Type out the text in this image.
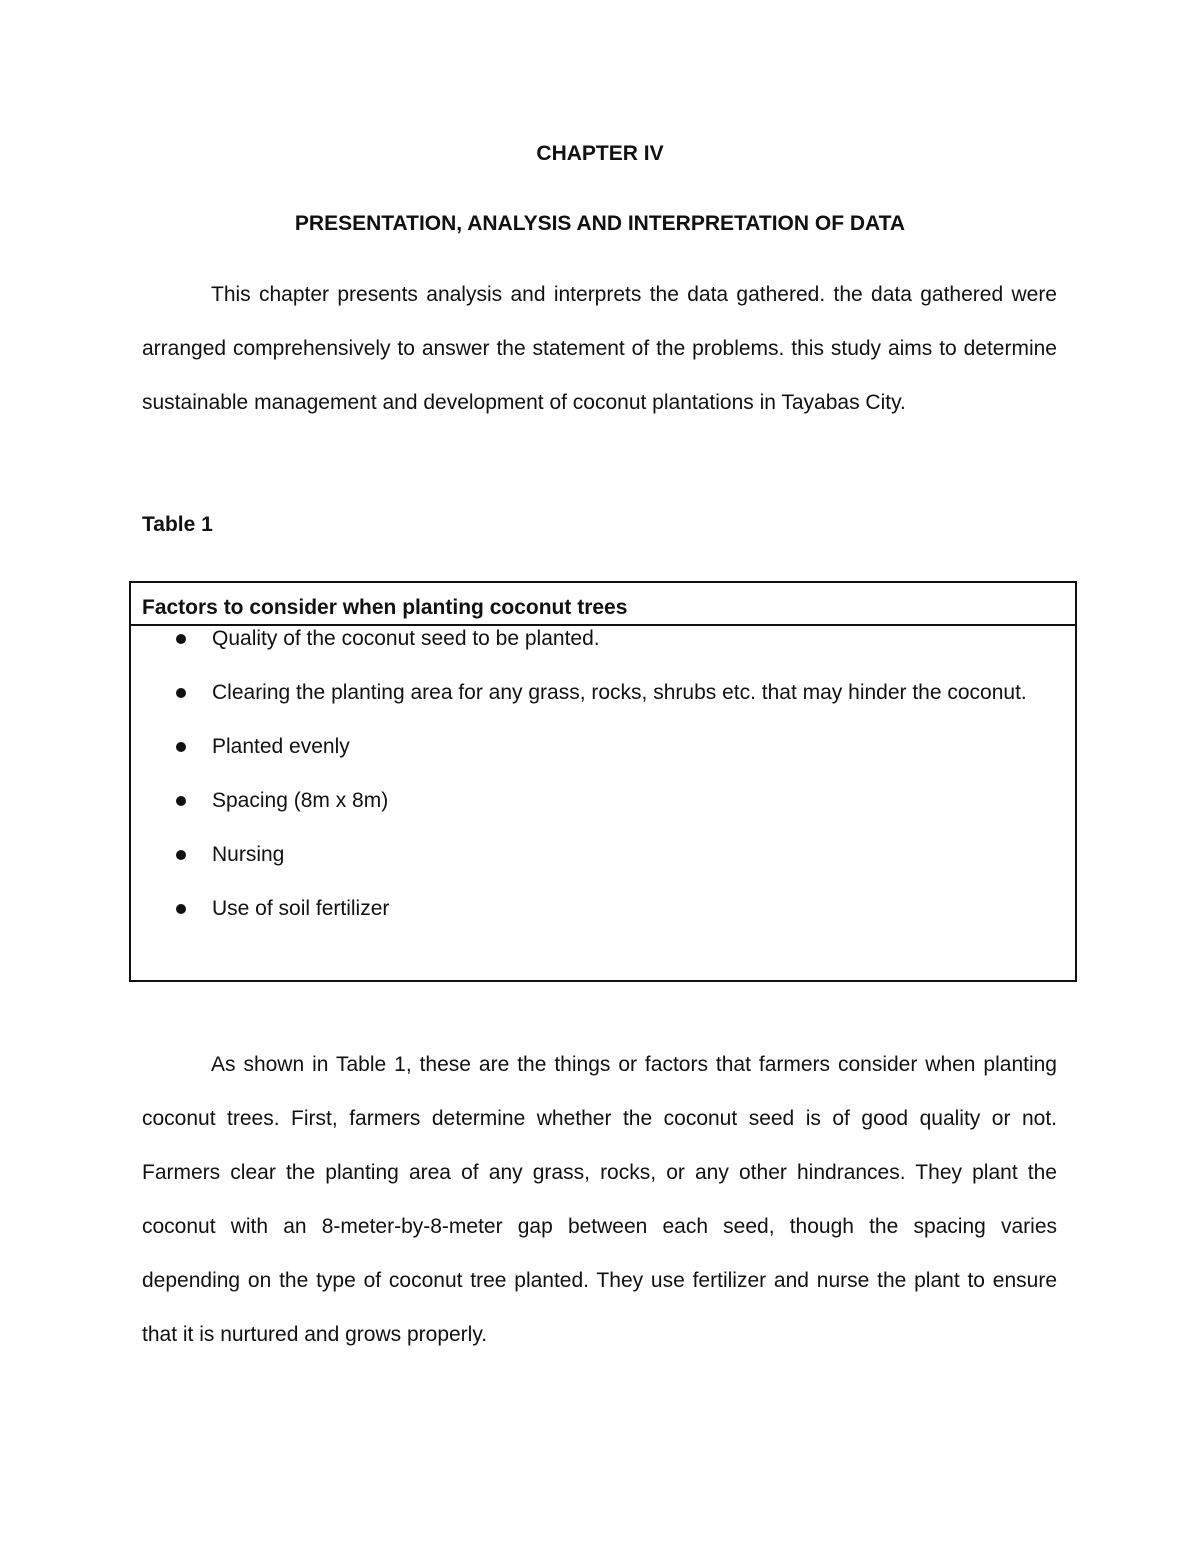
CHAPTER IV
PRESENTATION, ANALYSIS AND INTERPRETATION OF DATA

This chapter presents analysis and interprets the data gathered. the data gathered were arranged comprehensively to answer the statement of the problems. this study aims to determine sustainable management and development of coconut plantations in Tayabas City.

Table 1
Factors to consider when planting coconut trees
Quality of the coconut seed to be planted.
Clearing the planting area for any grass, rocks, shrubs etc. that may hinder the coconut.
Planted evenly
Spacing (8m x 8m)
Nursing
Use of soil fertilizer

As shown in Table 1, these are the things or factors that farmers consider when planting coconut trees. First, farmers determine whether the coconut seed is of good quality or not. Farmers clear the planting area of any grass, rocks, or any other hindrances. They plant the coconut with an 8-meter-by-8-meter gap between each seed, though the spacing varies depending on the type of coconut tree planted. They use fertilizer and nurse the plant to ensure that it is nurtured and grows properly.
